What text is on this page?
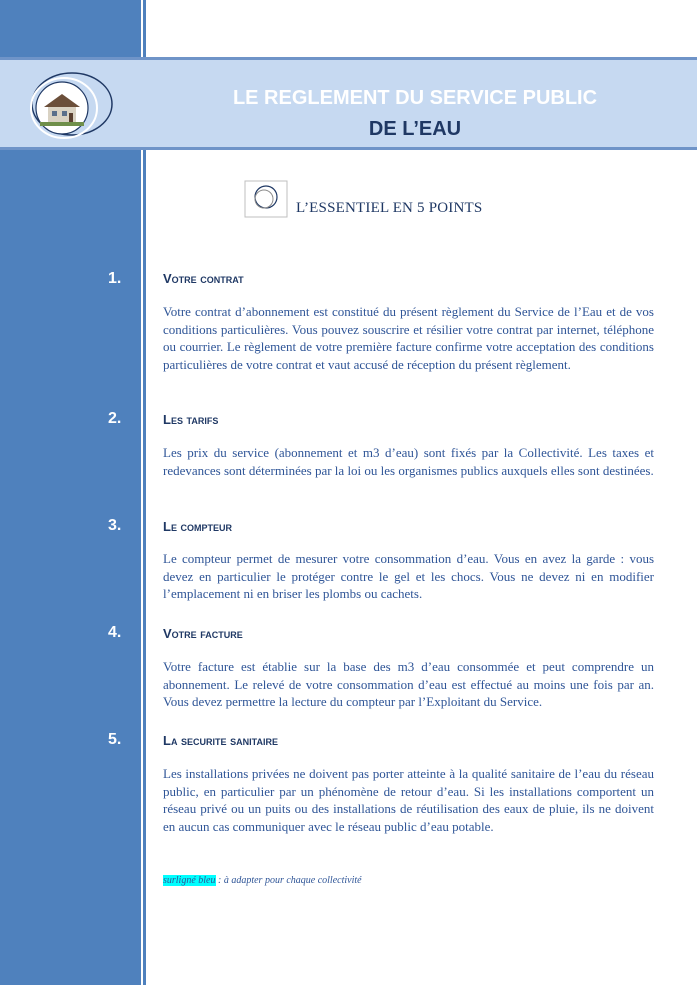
LE REGLEMENT DU SERVICE PUBLIC
DE L’EAU
L’ESSENTIEL EN 5 POINTS
1.	Votre contrat
Votre contrat d’abonnement est constitué du présent règlement du Service de l’Eau et de vos conditions particulières. Vous pouvez souscrire et résilier votre contrat par internet, téléphone ou courrier. Le règlement de votre première facture confirme votre acceptation des conditions particulières de votre contrat et vaut accusé de réception du présent règlement.
2.	Les tarifs
Les prix du service (abonnement et m3 d’eau) sont fixés par la Collectivité. Les taxes et redevances sont déterminées par la loi ou les organismes publics auxquels elles sont destinées.
3.	Le compteur
Le compteur permet de mesurer votre consommation d’eau. Vous en avez la garde : vous devez en particulier le protéger contre le gel et les chocs. Vous ne devez ni en modifier l’emplacement ni en briser les plombs ou cachets.
4.	Votre facture
Votre facture est établie sur la base des m3 d’eau consommée et peut comprendre un abonnement. Le relevé de votre consommation d’eau est effectué au moins une fois par an. Vous devez permettre la lecture du compteur par l’Exploitant du Service.
5.	La securite sanitaire
Les installations privées ne doivent pas porter atteinte à la qualité sanitaire de l’eau du réseau public, en particulier par un phénomène de retour d’eau. Si les installations comportent un réseau privé ou un puits ou des installations de réutilisation des eaux de pluie, ils ne doivent en aucun cas communiquer avec le réseau public d’eau potable.
surligné bleu : à adapter pour chaque collectivité
